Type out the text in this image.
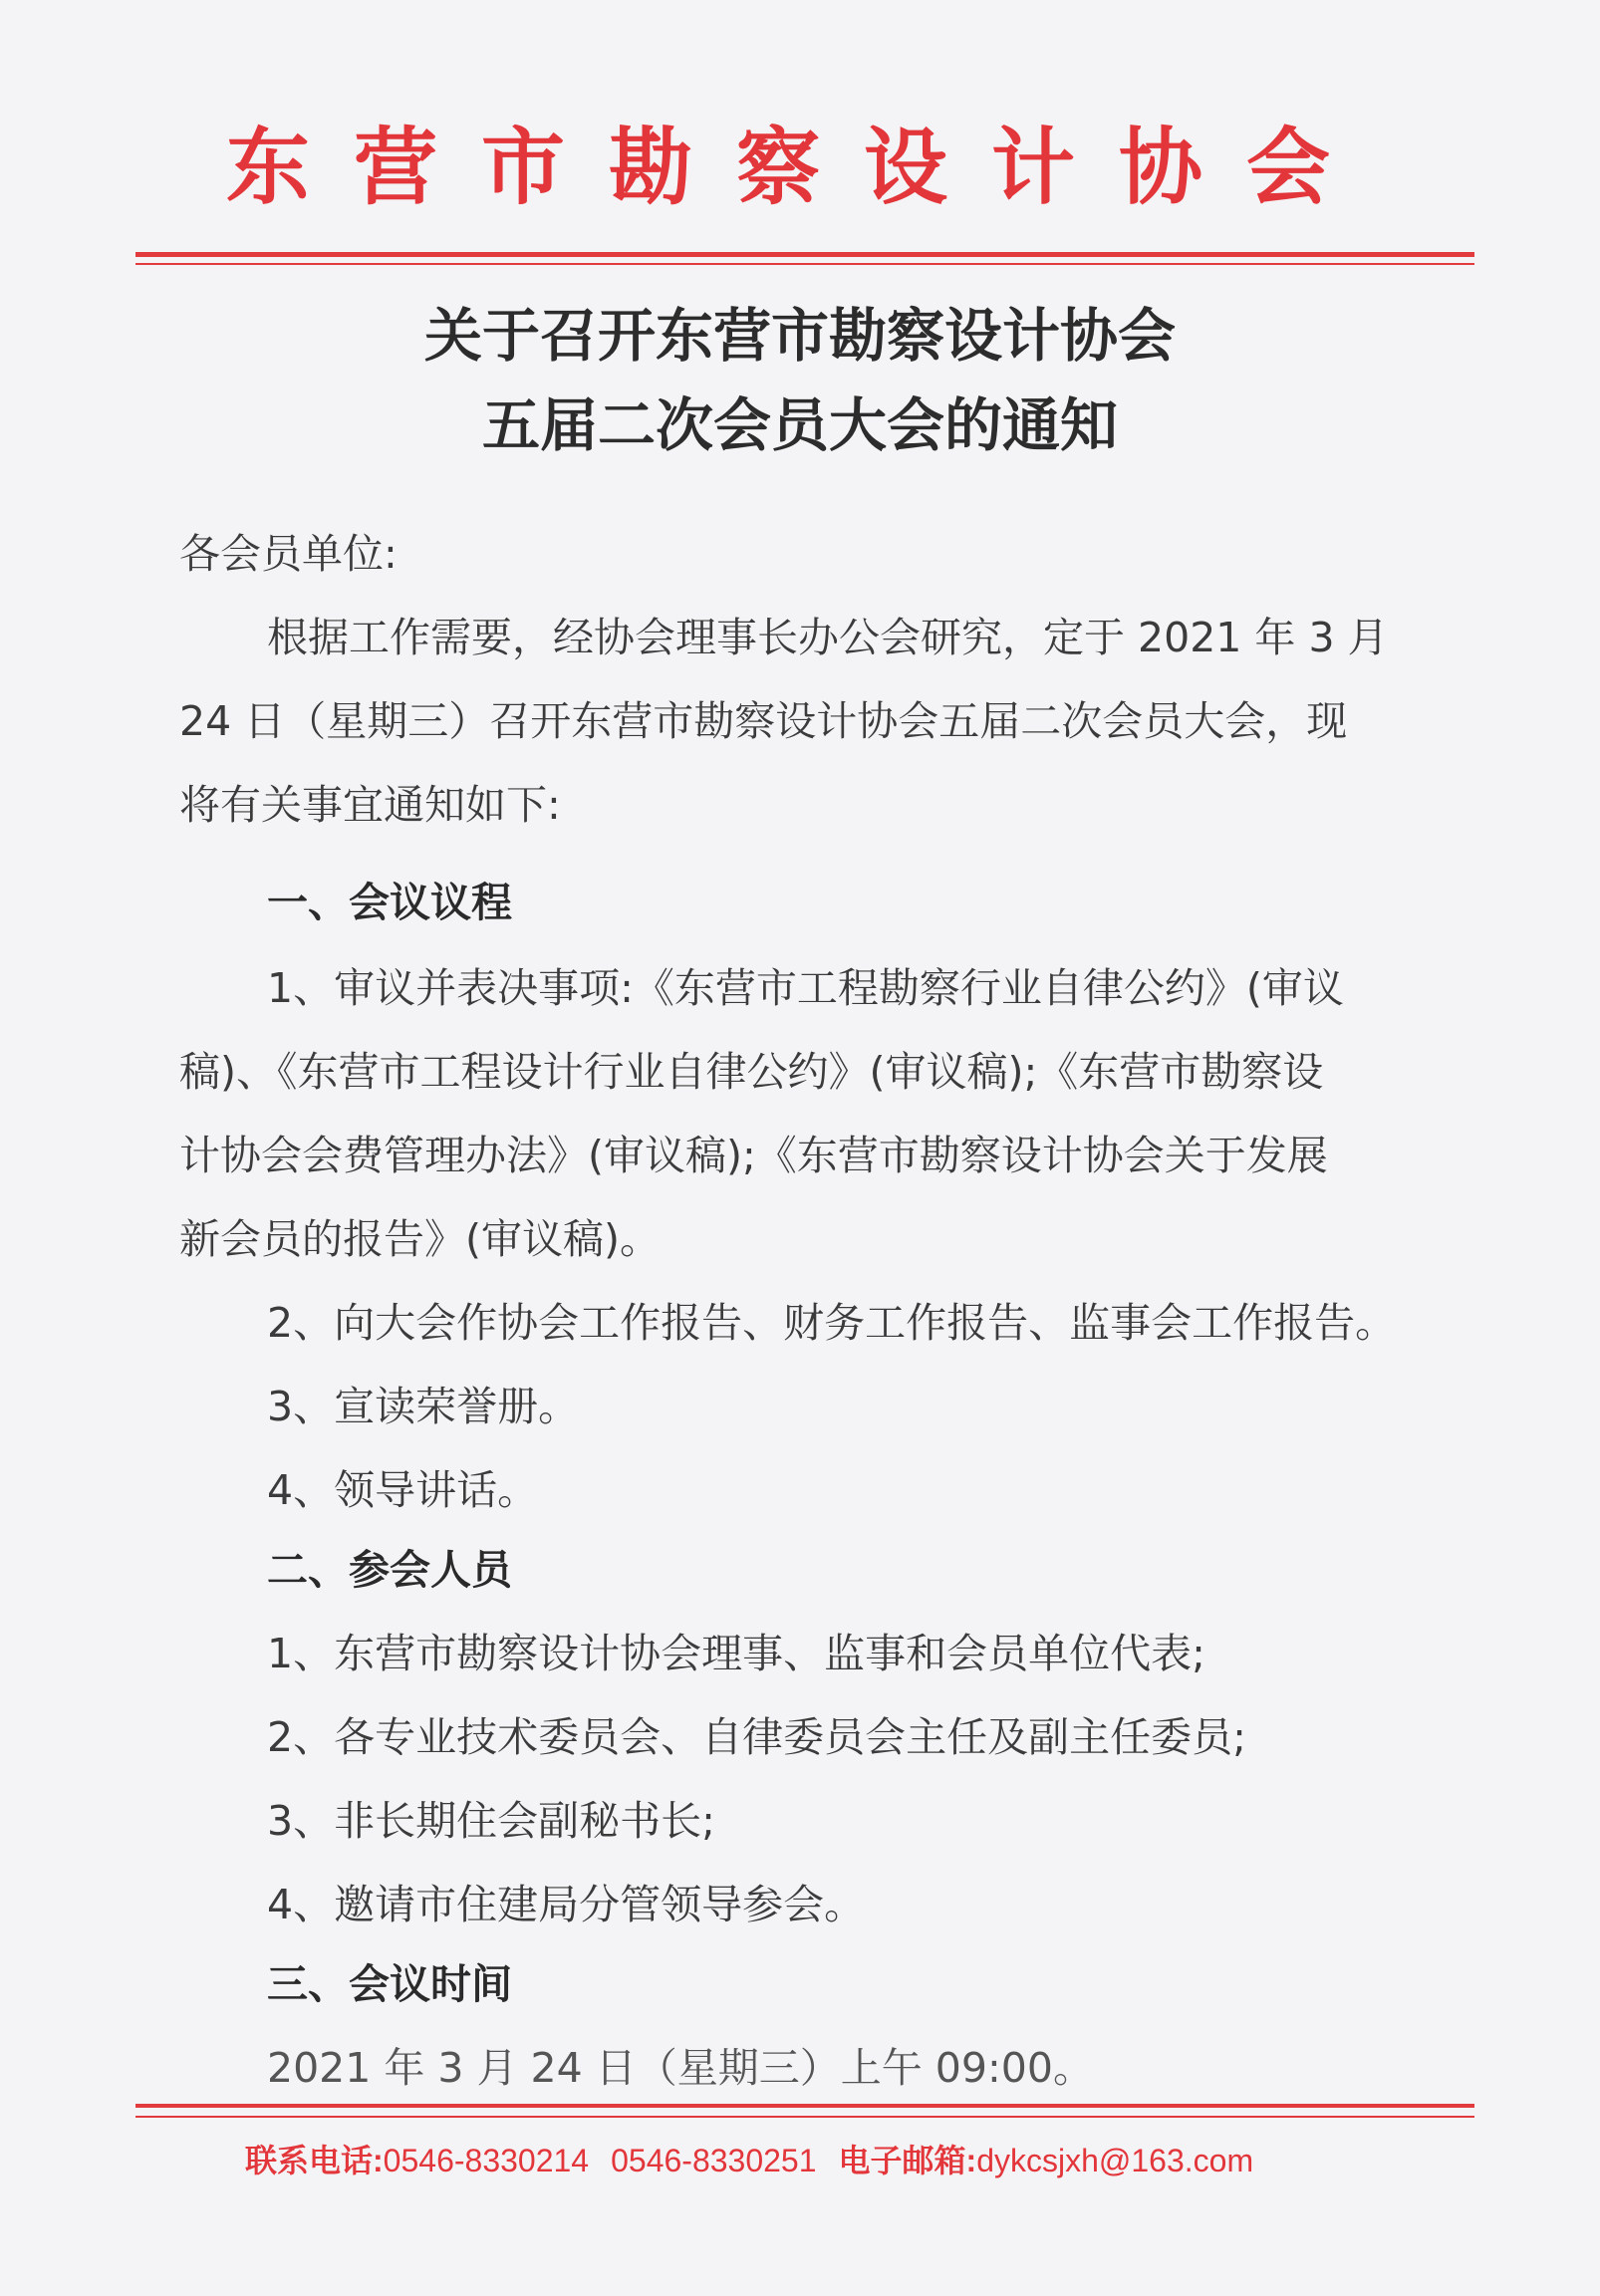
东营市勘察设计协会
关于召开东营市勘察设计协会
五届二次会员大会的通知
各会员单位:
根据工作需要，经协会理事长办公会研究，定于 2021 年 3 月
24 日（星期三）召开东营市勘察设计协会五届二次会员大会，现
将有关事宜通知如下:
一、会议议程
1、审议并表决事项:《东营市工程勘察行业自律公约》(审议
稿)、《东营市工程设计行业自律公约》(审议稿);《东营市勘察设
计协会会费管理办法》(审议稿);《东营市勘察设计协会关于发展
新会员的报告》(审议稿)。
2、向大会作协会工作报告、财务工作报告、监事会工作报告。
3、宣读荣誉册。
4、领导讲话。
二、参会人员
1、东营市勘察设计协会理事、监事和会员单位代表;
2、各专业技术委员会、自律委员会主任及副主任委员;
3、非长期住会副秘书长;
4、邀请市住建局分管领导参会。
三、会议时间
2021 年 3 月 24 日（星期三）上午 09:00。
联系电话:0546-8330214 0546-8330251 电子邮箱:dykcsjxh@163.com
